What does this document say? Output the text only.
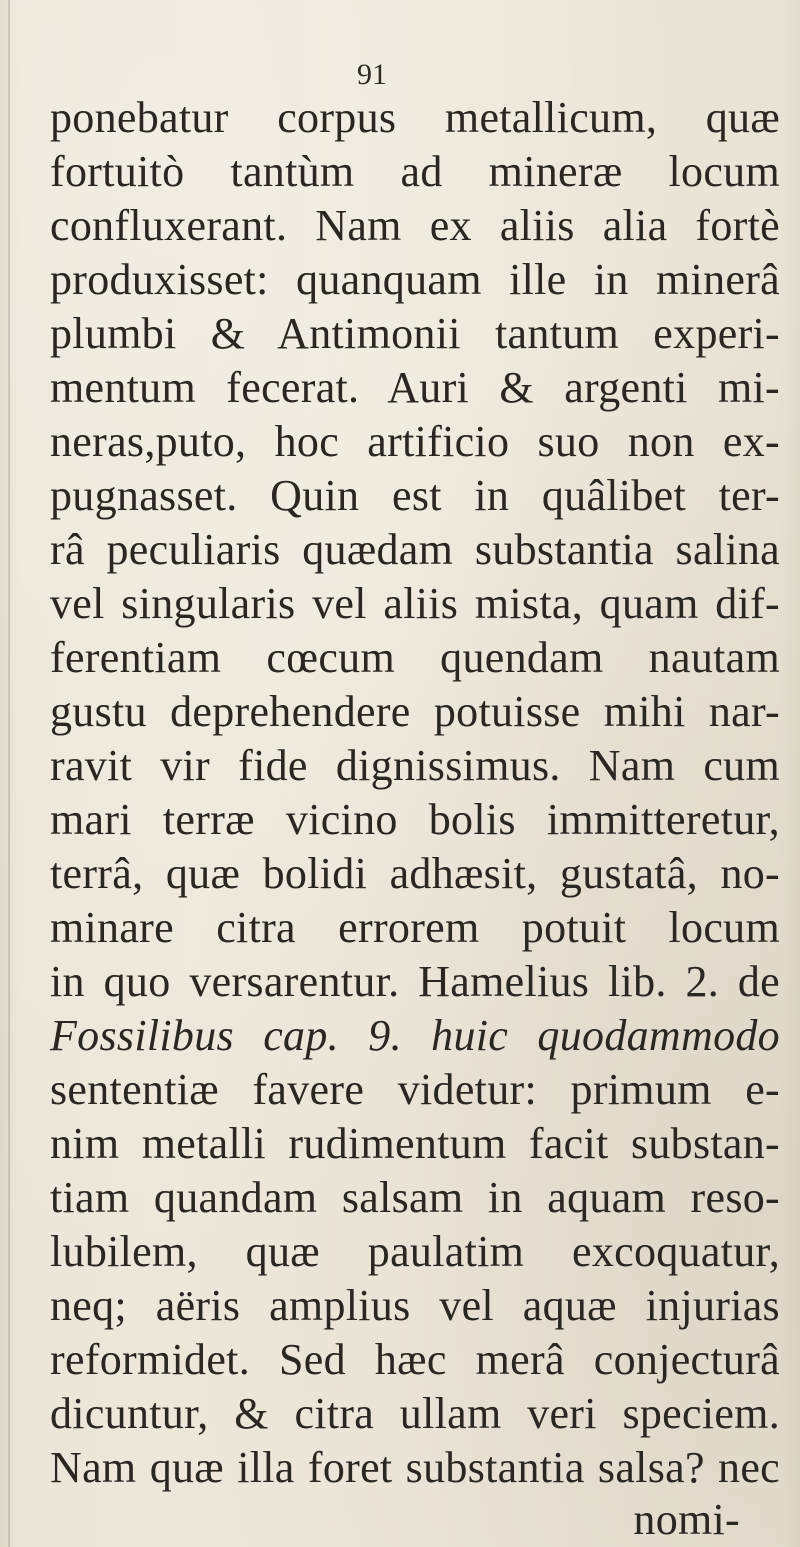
91
ponebatur corpus metallicum, quæ
fortuitò tantùm ad mineræ locum
confluxerant. Nam ex aliis alia fortè
produxisset: quanquam ille in minerâ
plumbi & Antimonii tantum experi-
mentum fecerat. Auri & argenti mi-
neras,puto, hoc artificio suo non ex-
pugnasset. Quin est in quâlibet ter-
râ peculiaris quædam substantia salina
vel singularis vel aliis mista, quam dif-
ferentiam cœcum quendam nautam
gustu deprehendere potuisse mihi nar-
ravit vir fide dignissimus. Nam cum
mari terræ vicino bolis immitteretur,
terrâ, quæ bolidi adhæsit, gustatâ, no-
minare citra errorem potuit locum
in quo versarentur. Hamelius lib. 2. de
Fossilibus cap. 9. huic quodammodo
sententiæ favere videtur: primum e-
nim metalli rudimentum facit substan-
tiam quandam salsam in aquam reso-
lubilem, quæ paulatim excoquatur,
neq; aëris amplius vel aquæ injurias
reformidet. Sed hæc merâ conjecturâ
dicuntur, & citra ullam veri speciem.
Nam quæ illa foret substantia salsa? nec
nomi-
